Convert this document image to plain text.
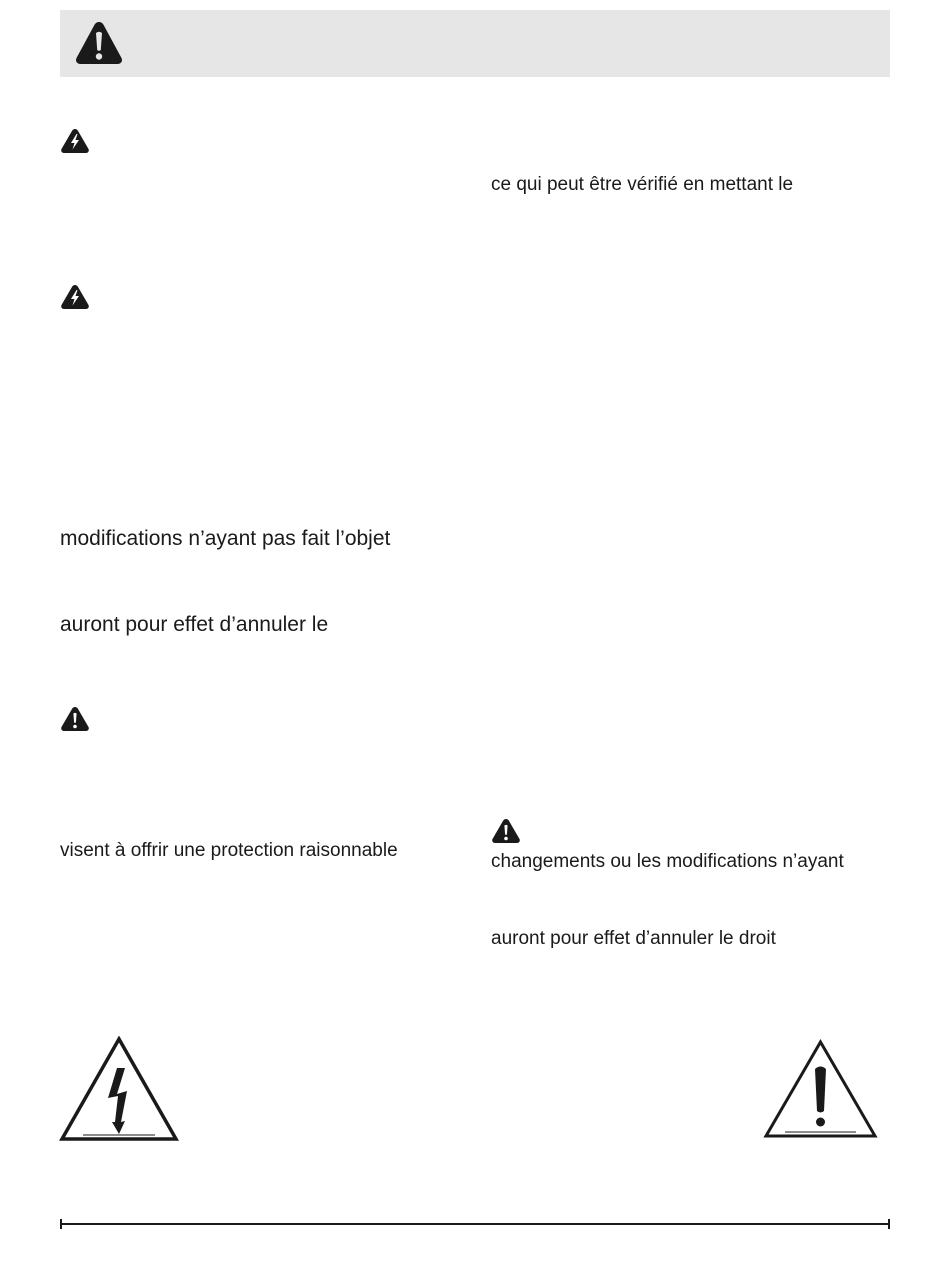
modifications n’ayant pas fait l’objet
auront pour effet d’annuler le
visent à offrir une protection raisonnable
ce qui peut être vérifié en mettant le
changements ou les modifications n’ayant
auront pour effet d’annuler le droit
